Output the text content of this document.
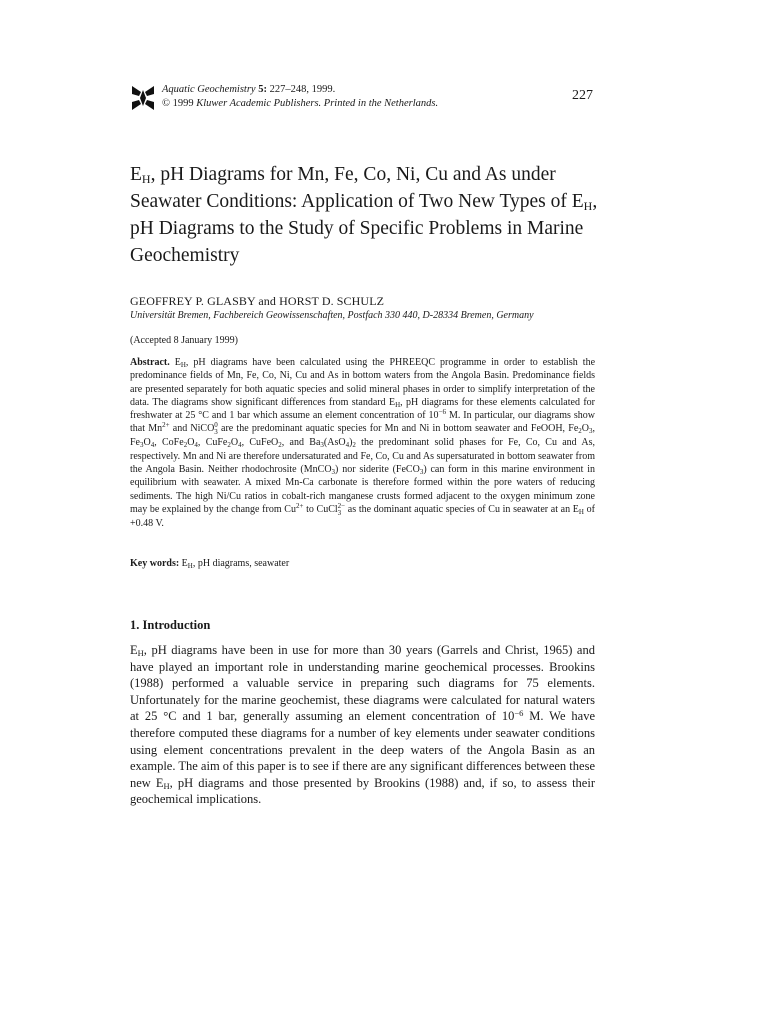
Aquatic Geochemistry 5: 227–248, 1999.
© 1999 Kluwer Academic Publishers. Printed in the Netherlands.
227
$E_H$, pH Diagrams for Mn, Fe, Co, Ni, Cu and As under Seawater Conditions: Application of Two New Types of $E_H$, pH Diagrams to the Study of Specific Problems in Marine Geochemistry
GEOFFREY P. GLASBY and HORST D. SCHULZ
Universität Bremen, Fachbereich Geowissenschaften, Postfach 330 440, D-28334 Bremen, Germany
(Accepted 8 January 1999)

Abstract. $E_H$, pH diagrams have been calculated using the PHREEQC programme in order to establish the predominance fields of Mn, Fe, Co, Ni, Cu and As in bottom waters from the Angola Basin. Predominance fields are presented separately for both aquatic species and solid mineral phases in order to simplify interpretation of the data. The diagrams show significant differences from standard $E_H$, pH diagrams for these elements calculated for freshwater at 25 °C and 1 bar which assume an element concentration of $10^{-6}$ M. In particular, our diagrams show that $Mn^{2+}$ and NiCO0
3 are the predominant aquatic species for Mn and Ni in bottom seawater and FeOOH, $Fe_2O_3$, $Fe_3O_4$, $CoFe_2O_4$, $CuFe_2O_4$, CuFeO$_2$, and $Ba_3(AsO_4)_2$ the predominant solid phases for Fe, Co, Cu and As, respectively. Mn and Ni are therefore undersaturated and Fe, Co, Cu and As supersaturated in bottom seawater from the Angola Basin. Neither rhodochrosite (MnCO$_3$) nor siderite (FeCO$_3$) can form in this marine environment in equilibrium with seawater. A mixed Mn-Ca carbonate is therefore formed within the pore waters of reducing sediments. The high Ni/Cu ratios in cobalt-rich manganese crusts formed adjacent to the oxygen minimum zone may be explained by the change from $Cu^{2+}$ to CuCl2−
3 as the dominant aquatic species of Cu in seawater at an $E_H$ of +0.48 V.

Key words: $E_H$, pH diagrams, seawater
1. Introduction

$E_H$, pH diagrams have been in use for more than 30 years (Garrels and Christ, 1965) and have played an important role in understanding marine geochemical processes. Brookins (1988) performed a valuable service in preparing such diagrams for 75 elements. Unfortunately for the marine geochemist, these diagrams were calculated for natural waters at 25 °C and 1 bar, generally assuming an element concentration of $10^{-6}$ M. We have therefore computed these diagrams for a number of key elements under seawater conditions using element concentrations prevalent in the deep waters of the Angola Basin as an example. The aim of this paper is to see if there are any significant differences between these new $E_H$, pH diagrams and those presented by Brookins (1988) and, if so, to assess their geochemical implications.
